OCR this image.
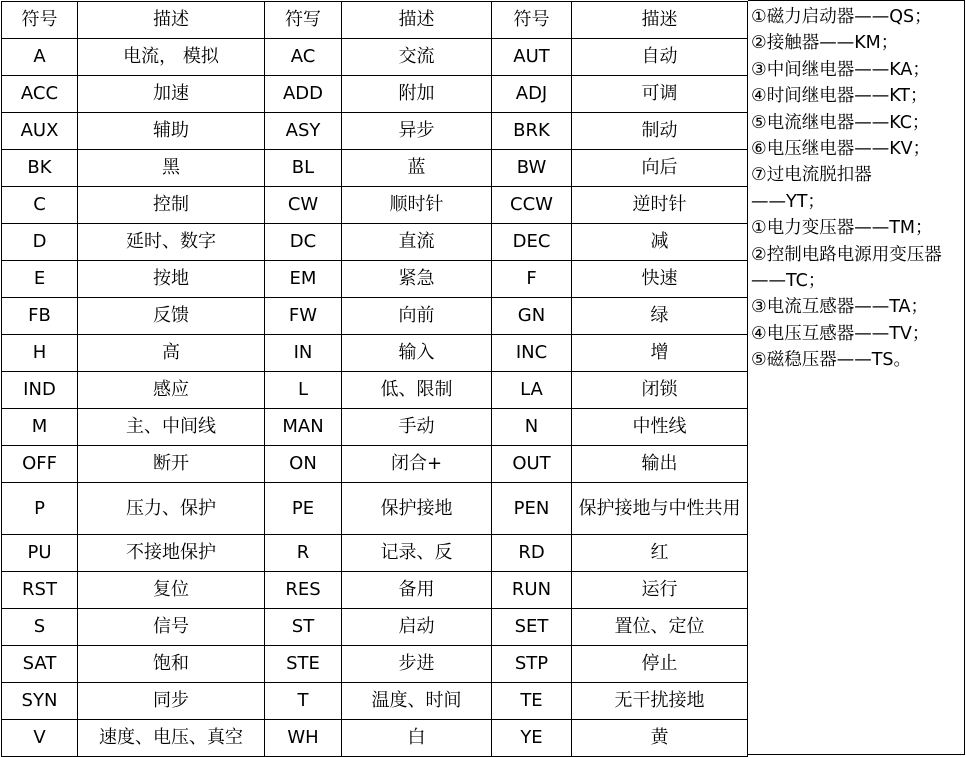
符号	描述	符写	描述	符号	描迷
A	电流， 模拟	AC	交流	AUT	自动
ACC	加速	ADD	附加	ADJ	可调
AUX	辅助	ASY	异步	BRK	制动
BK	黑	BL	蓝	BW	向后
C	控制	CW	顺时针	CCW	逆时针
D	延时、数字	DC	直流	DEC	减
E	按地	EM	紧急	F	快速
FB	反馈	FW	向前	GN	绿
H	高	IN	输入	INC	增
IND	感应	L	低、限制	LA	闭锁
M	主、中间线	MAN	手动	N	中性线
OFF	断开	ON	闭合+	OUT	输出
P	压力、保护	PE	保护接地	PEN	保护接地与中性共用
PU	不接地保护	R	记录、反	RD	红
RST	复位	RES	备用	RUN	运行
S	信号	ST	启动	SET	置位、定位
SAT	饱和	STE	步进	STP	停止
SYN	同步	T	温度、时间	TE	无干扰接地
V	速度、电压、真空	WH	白	YE	黄
①磁力启动器——QS；
②接触器——KM；
③中间继电器——KA；
④时间继电器——KT；
⑤电流继电器——KC；
⑥电压继电器——KV；
⑦过电流脱扣器
——YT；
①电力变压器——TM；
②控制电路电源用变压器
——TC；
③电流互感器——TA；
④电压互感器——TV；
⑤磁稳压器——TS。
